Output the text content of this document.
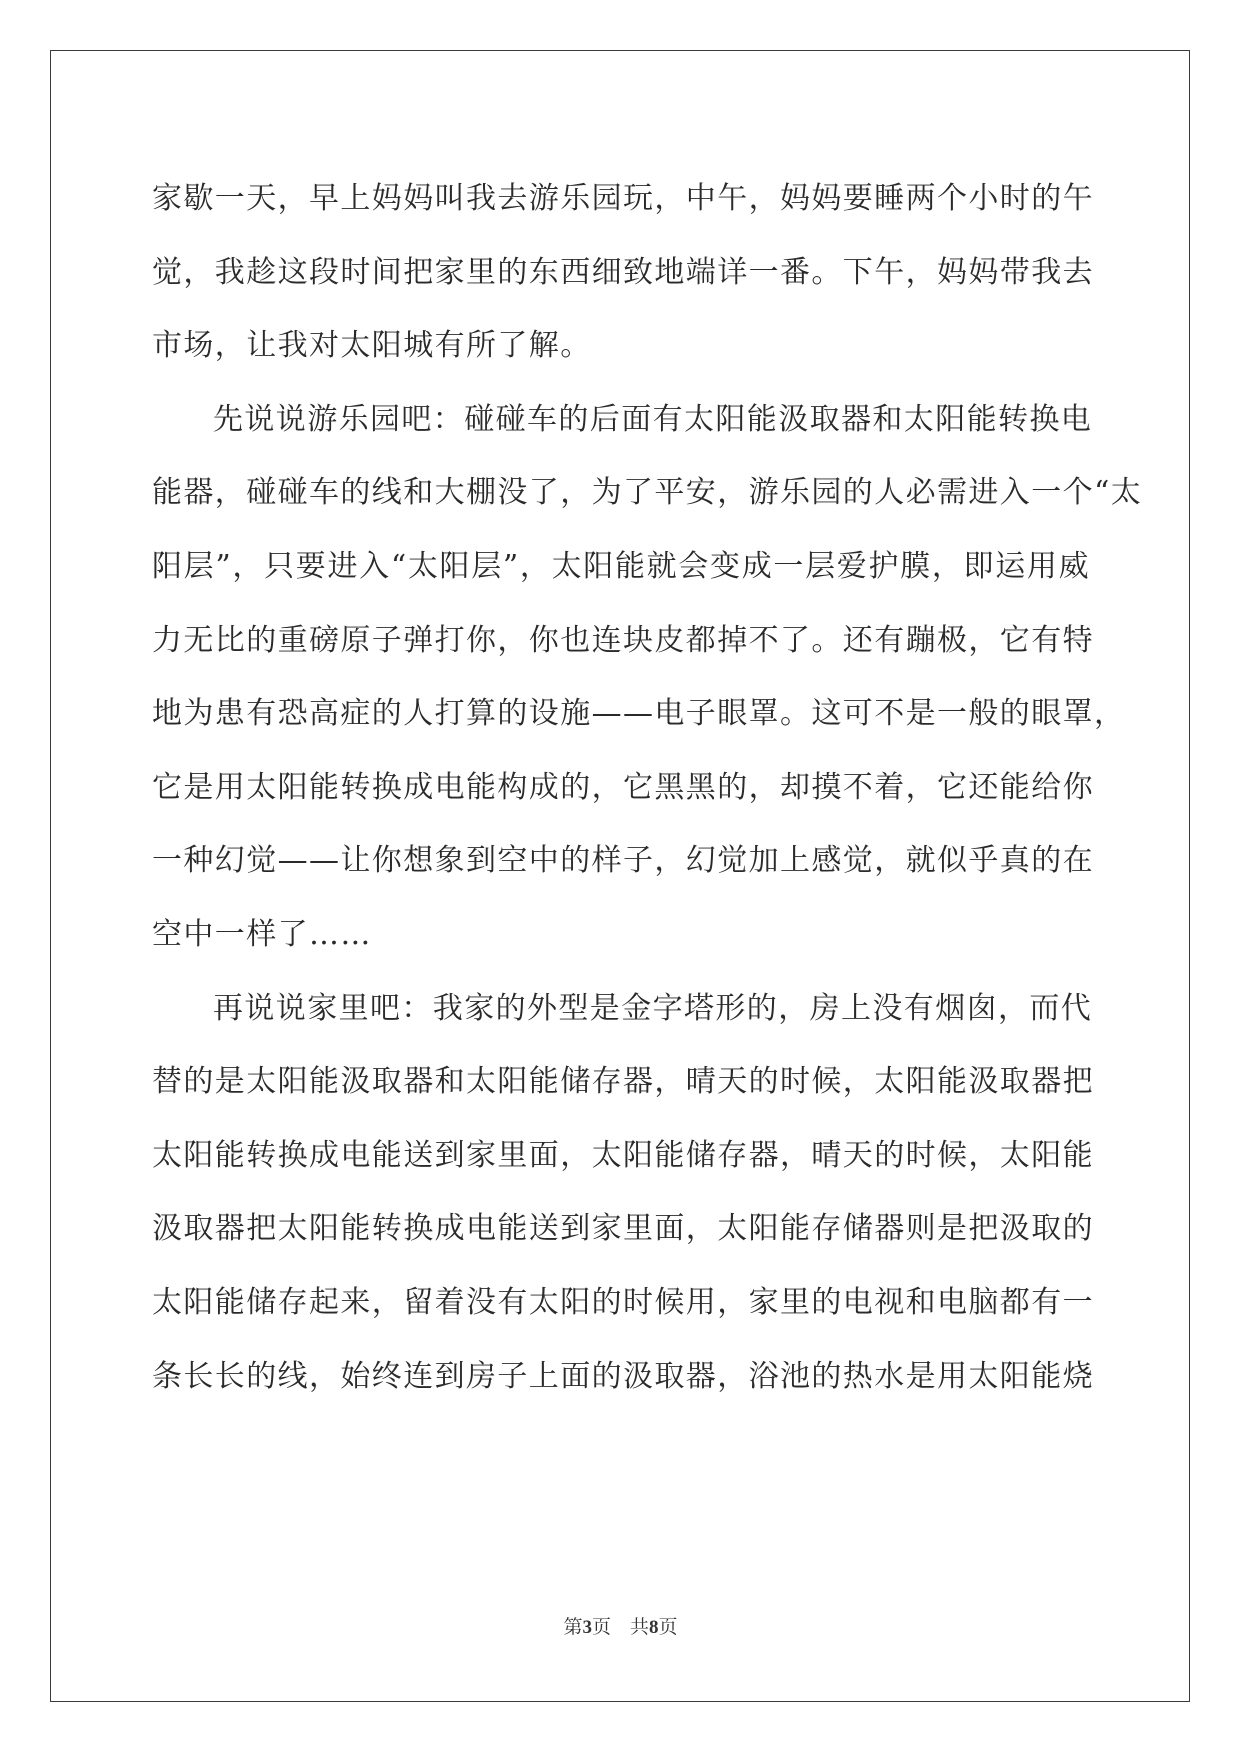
家歇一天，早上妈妈叫我去游乐园玩，中午，妈妈要睡两个小时的午
觉，我趁这段时间把家里的东西细致地端详一番。下午，妈妈带我去
市场，让我对太阳城有所了解。
先说说游乐园吧：碰碰车的后面有太阳能汲取器和太阳能转换电
能器，碰碰车的线和大棚没了，为了平安，游乐园的人必需进入一个“太
阳层”，只要进入“太阳层”，太阳能就会变成一层爱护膜，即运用威
力无比的重磅原子弹打你，你也连块皮都掉不了。还有蹦极，它有特
地为患有恐高症的人打算的设施——电子眼罩。这可不是一般的眼罩，
它是用太阳能转换成电能构成的，它黑黑的，却摸不着，它还能给你
一种幻觉——让你想象到空中的样子，幻觉加上感觉，就似乎真的在
空中一样了……
再说说家里吧：我家的外型是金字塔形的，房上没有烟囱，而代
替的是太阳能汲取器和太阳能储存器，晴天的时候，太阳能汲取器把
太阳能转换成电能送到家里面，太阳能储存器，晴天的时候，太阳能
汲取器把太阳能转换成电能送到家里面，太阳能存储器则是把汲取的
太阳能储存起来，留着没有太阳的时候用，家里的电视和电脑都有一
条长长的线，始终连到房子上面的汲取器，浴池的热水是用太阳能烧
第3页　共8页
